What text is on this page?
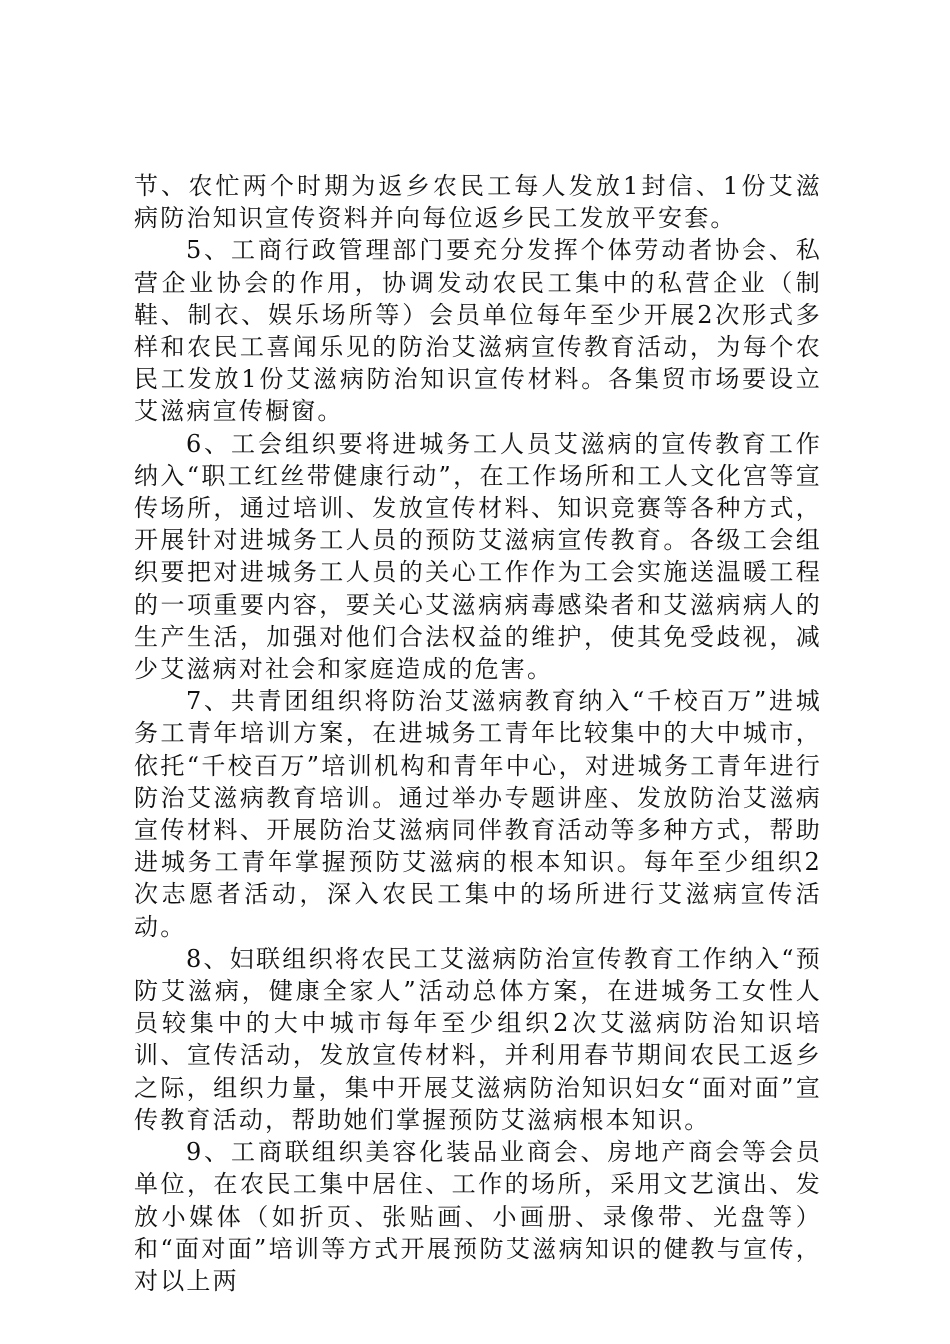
节、农忙两个时期为返乡农民工每人发放1封信、1份艾滋病防治知识宣传资料并向每位返乡民工发放平安套。

5、工商行政管理部门要充分发挥个体劳动者协会、私营企业协会的作用，协调发动农民工集中的私营企业（制鞋、制衣、娱乐场所等）会员单位每年至少开展2次形式多样和农民工喜闻乐见的防治艾滋病宣传教育活动，为每个农民工发放1份艾滋病防治知识宣传材料。各集贸市场要设立艾滋病宣传橱窗。

6、工会组织要将进城务工人员艾滋病的宣传教育工作纳入“职工红丝带健康行动”，在工作场所和工人文化宫等宣传场所，通过培训、发放宣传材料、知识竞赛等各种方式，开展针对进城务工人员的预防艾滋病宣传教育。各级工会组织要把对进城务工人员的关心工作作为工会实施送温暖工程的一项重要内容，要关心艾滋病病毒感染者和艾滋病病人的生产生活，加强对他们合法权益的维护，使其免受歧视，减少艾滋病对社会和家庭造成的危害。

7、共青团组织将防治艾滋病教育纳入“千校百万”进城务工青年培训方案，在进城务工青年比较集中的大中城市，依托“千校百万”培训机构和青年中心，对进城务工青年进行防治艾滋病教育培训。通过举办专题讲座、发放防治艾滋病宣传材料、开展防治艾滋病同伴教育活动等多种方式，帮助进城务工青年掌握预防艾滋病的根本知识。每年至少组织2次志愿者活动，深入农民工集中的场所进行艾滋病宣传活动。

8、妇联组织将农民工艾滋病防治宣传教育工作纳入“预防艾滋病，健康全家人”活动总体方案，在进城务工女性人员较集中的大中城市每年至少组织2次艾滋病防治知识培训、宣传活动，发放宣传材料，并利用春节期间农民工返乡之际，组织力量，集中开展艾滋病防治知识妇女“面对面”宣传教育活动，帮助她们掌握预防艾滋病根本知识。

9、工商联组织美容化装品业商会、房地产商会等会员单位，在农民工集中居住、工作的场所，采用文艺演出、发放小媒体（如折页、张贴画、小画册、录像带、光盘等）和“面对面”培训等方式开展预防艾滋病知识的健教与宣传，对以上两
